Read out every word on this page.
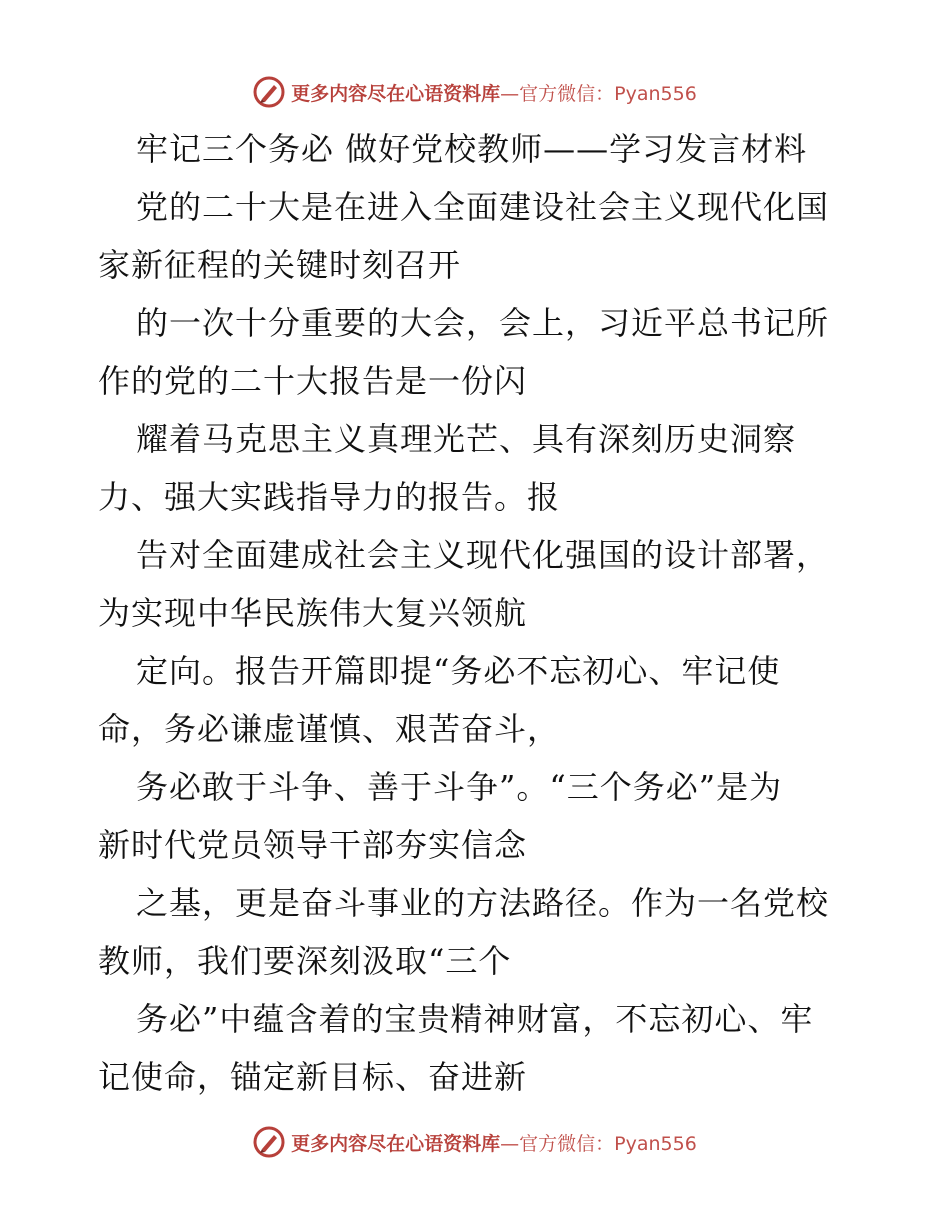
更多内容尽在心语资料库 —官方微信：Pyan556
牢记三个务必 做好党校教师——学习发言材料
党的二十大是在进入全面建设社会主义现代化国
家新征程的关键时刻召开
的一次十分重要的大会，会上，习近平总书记所
作的党的二十大报告是一份闪
耀着马克思主义真理光芒、具有深刻历史洞察
力、强大实践指导力的报告。报
告对全面建成社会主义现代化强国的设计部署，
为实现中华民族伟大复兴领航
定向。报告开篇即提“务必不忘初心、牢记使
命，务必谦虚谨慎、艰苦奋斗，
务必敢于斗争、善于斗争”。“三个务必”是为
新时代党员领导干部夯实信念
之基，更是奋斗事业的方法路径。作为一名党校
教师，我们要深刻汲取“三个
务必”中蕴含着的宝贵精神财富，不忘初心、牢
记使命，锚定新目标、奋进新
更多内容尽在心语资料库 —官方微信：Pyan556
